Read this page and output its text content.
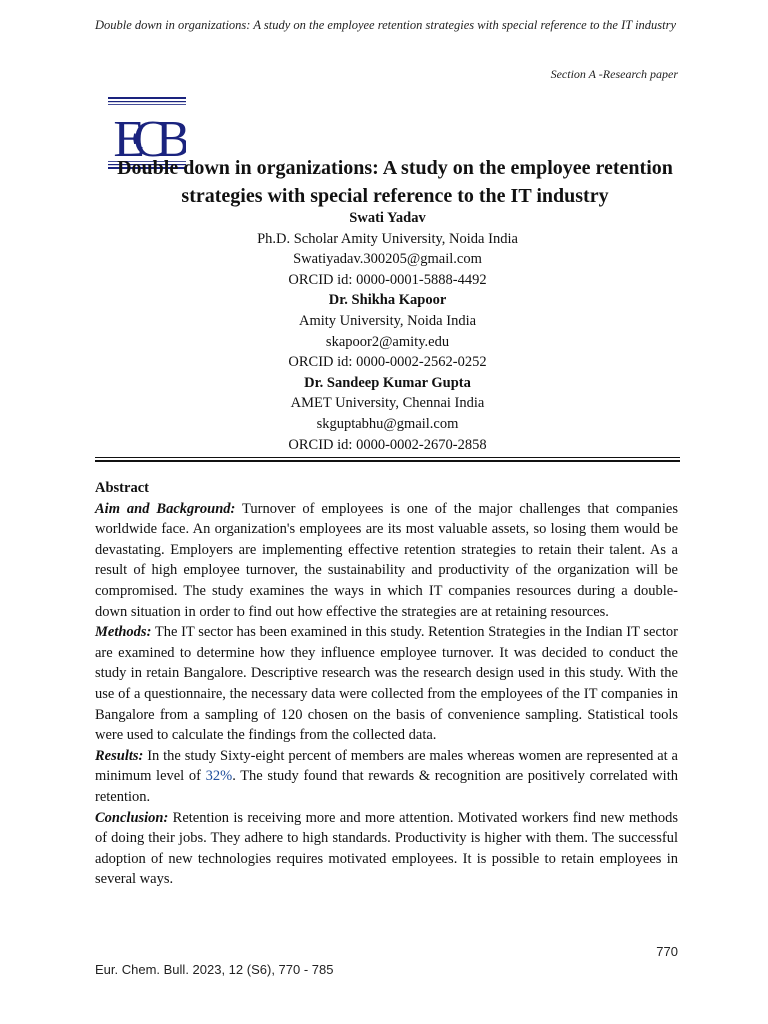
Double down in organizations: A study on the employee retention strategies with special reference to the IT industry
Section A -Research paper
ECB
Double down in organizations: A study on the employee retention strategies with special reference to the IT industry
Swati Yadav
Ph.D. Scholar Amity University, Noida India
Swatiyadav.300205@gmail.com
ORCID id: 0000-0001-5888-4492
Dr. Shikha Kapoor
Amity University, Noida India
skapoor2@amity.edu
ORCID id: 0000-0002-2562-0252
Dr. Sandeep Kumar Gupta
AMET University, Chennai India
skguptabhu@gmail.com
ORCID id: 0000-0002-2670-2858

Abstract

Aim and Background: Turnover of employees is one of the major challenges that companies worldwide face. An organization's employees are its most valuable assets, so losing them would be devastating. Employers are implementing effective retention strategies to retain their talent. As a result of high employee turnover, the sustainability and productivity of the organization will be compromised. The study examines the ways in which IT companies resources during a double-down situation in order to find out how effective the strategies are at retaining resources.

Methods: The IT sector has been examined in this study. Retention Strategies in the Indian IT sector are examined to determine how they influence employee turnover. It was decided to conduct the study in retain Bangalore. Descriptive research was the research design used in this study. With the use of a questionnaire, the necessary data were collected from the employees of the IT companies in Bangalore from a sampling of 120 chosen on the basis of convenience sampling. Statistical tools were used to calculate the findings from the collected data.

Results: In the study Sixty-eight percent of members are males whereas women are represented at a minimum level of 32%. The study found that rewards & recognition are positively correlated with retention.

Conclusion: Retention is receiving more and more attention. Motivated workers find new methods of doing their jobs. They adhere to high standards. Productivity is higher with them. The successful adoption of new technologies requires motivated employees. It is possible to retain employees in several ways.

770
Eur. Chem. Bull. 2023, 12 (S6), 770 - 785
